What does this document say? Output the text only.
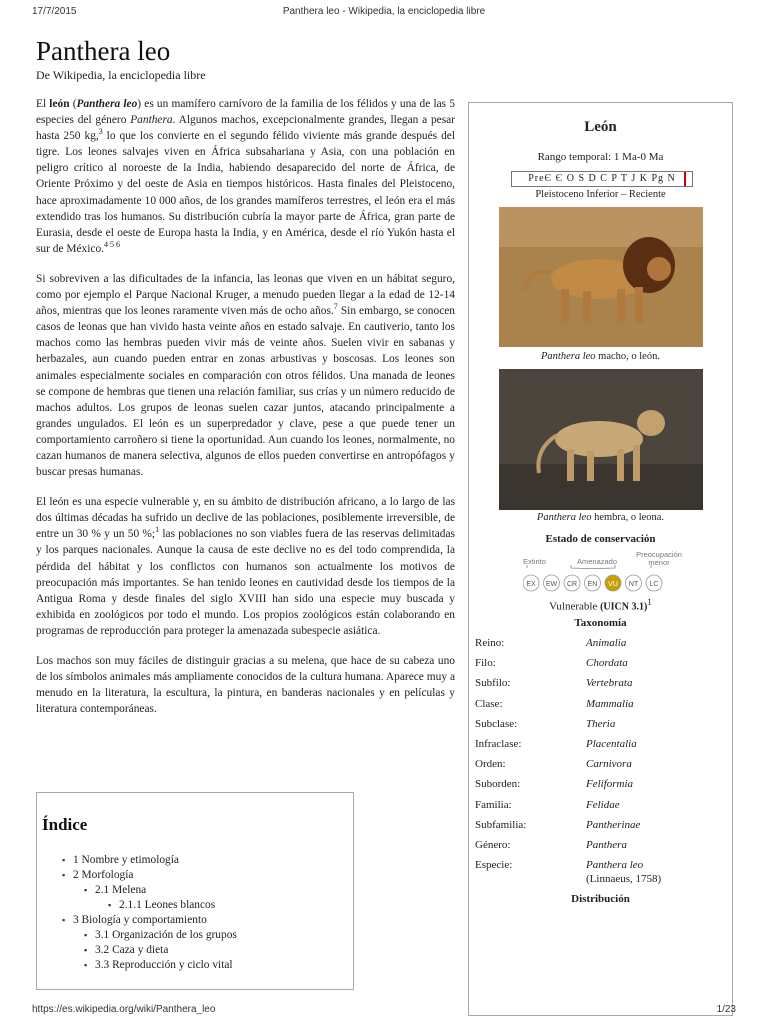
17/7/2015	Panthera leo - Wikipedia, la enciclopedia libre
Panthera leo
De Wikipedia, la enciclopedia libre

El león (Panthera leo) es un mamífero carnívoro de la familia de los félidos y una de las 5 especies del género Panthera. Algunos machos, excepcionalmente grandes, llegan a pesar hasta 250 kg,$^3$ lo que los convierte en el segundo félido viviente más grande después del tigre. Los leones salvajes viven en África subsahariana y Asia, con una población en peligro crítico al noroeste de la India, habiendo desaparecido del norte de África, de Oriente Próximo y del oeste de Asia en tiempos históricos. Hasta finales del Pleistoceno, hace aproximadamente 10 000 años, de los grandes mamíferos terrestres, el león era el más extendido tras los humanos. Su distribución cubría la mayor parte de África, gran parte de Eurasia, desde el oeste de Europa hasta la India, y en América, desde el río Yukón hasta el sur de México.$^{4 5 6}$

Si sobreviven a las dificultades de la infancia, las leonas que viven en un hábitat seguro, como por ejemplo el Parque Nacional Kruger, a menudo pueden llegar a la edad de 12-14 años, mientras que los leones raramente viven más de ocho años.$^7$ Sin embargo, se conocen casos de leonas que han vivido hasta veinte años en estado salvaje. En cautiverio, tanto los machos como las hembras pueden vivir más de veinte años. Suelen vivir en sabanas y herbazales, aun cuando pueden entrar en zonas arbustivas y boscosas. Los leones son animales especialmente sociales en comparación con otros félidos. Una manada de leones se compone de hembras que tienen una relación familiar, sus crías y un número reducido de machos adultos. Los grupos de leonas suelen cazar juntos, atacando principalmente a grandes ungulados. El león es un superpredador y clave, pese a que puede tener un comportamiento carroñero si tiene la oportunidad. Aun cuando los leones, normalmente, no cazan humanos de manera selectiva, algunos de ellos pueden convertirse en antropófagos y buscar presas humanas.

El león es una especie vulnerable y, en su ámbito de distribución africano, a lo largo de las dos últimas décadas ha sufrido un declive de las poblaciones, posiblemente irreversible, de entre un 30 % y un 50 %;$^1$ las poblaciones no son viables fuera de las reservas delimitadas y los parques nacionales. Aunque la causa de este declive no es del todo comprendida, la pérdida del hábitat y los conflictos con humanos son actualmente los motivos de preocupación más importantes. Se han tenido leones en cautividad desde los tiempos de la Antigua Roma y desde finales del siglo XVIII han sido una especie muy buscada y exhibida en zoológicos por todo el mundo. Los propios zoológicos están colaborando en programas de reproducción para proteger la amenazada subespecie asiática.

Los machos son muy fáciles de distinguir gracias a su melena, que hace de su cabeza uno de los símbolos animales más ampliamente conocidos de la cultura humana. Aparece muy a menudo en la literatura, la escultura, la pintura, en banderas nacionales y en películas y literatura contemporáneas.

Índice
▪ 1 Nombre y etimología
▪ 2 Morfología
▪ 2.1 Melena
▪ 2.1.1 Leones blancos
▪ 3 Biología y comportamiento
▪ 3.1 Organización de los grupos
▪ 3.2 Caza y dieta
▪ 3.3 Reproducción y ciclo vital
León
Rango temporal: 1 Ma-0 Ma
PreЄ Є O S D C P T J K Pg N
Pleistoceno Inferior – Reciente
Panthera leo macho, o león.
Panthera leo hembra, o leona.
Estado de conservación
Extinto	Amenazado
Preocupación menor
EX EW CR EN VU NT LC
Vulnerable (UICN 3.1)$^1$
Taxonomía
Reino:	Animalia
Filo:	Chordata
Subfilo:	Vertebrata
Clase:	Mammalia
Subclase:	Theria
Infraclase:	Placentalia
Orden:	Carnivora
Suborden:	Feliformia
Familia:	Felidae
Subfamilia:	Pantherinae
Género:	Panthera
Especie:	Panthera leo
(Linnaeus, 1758)
Distribución
https://es.wikipedia.org/wiki/Panthera_leo	1/23
